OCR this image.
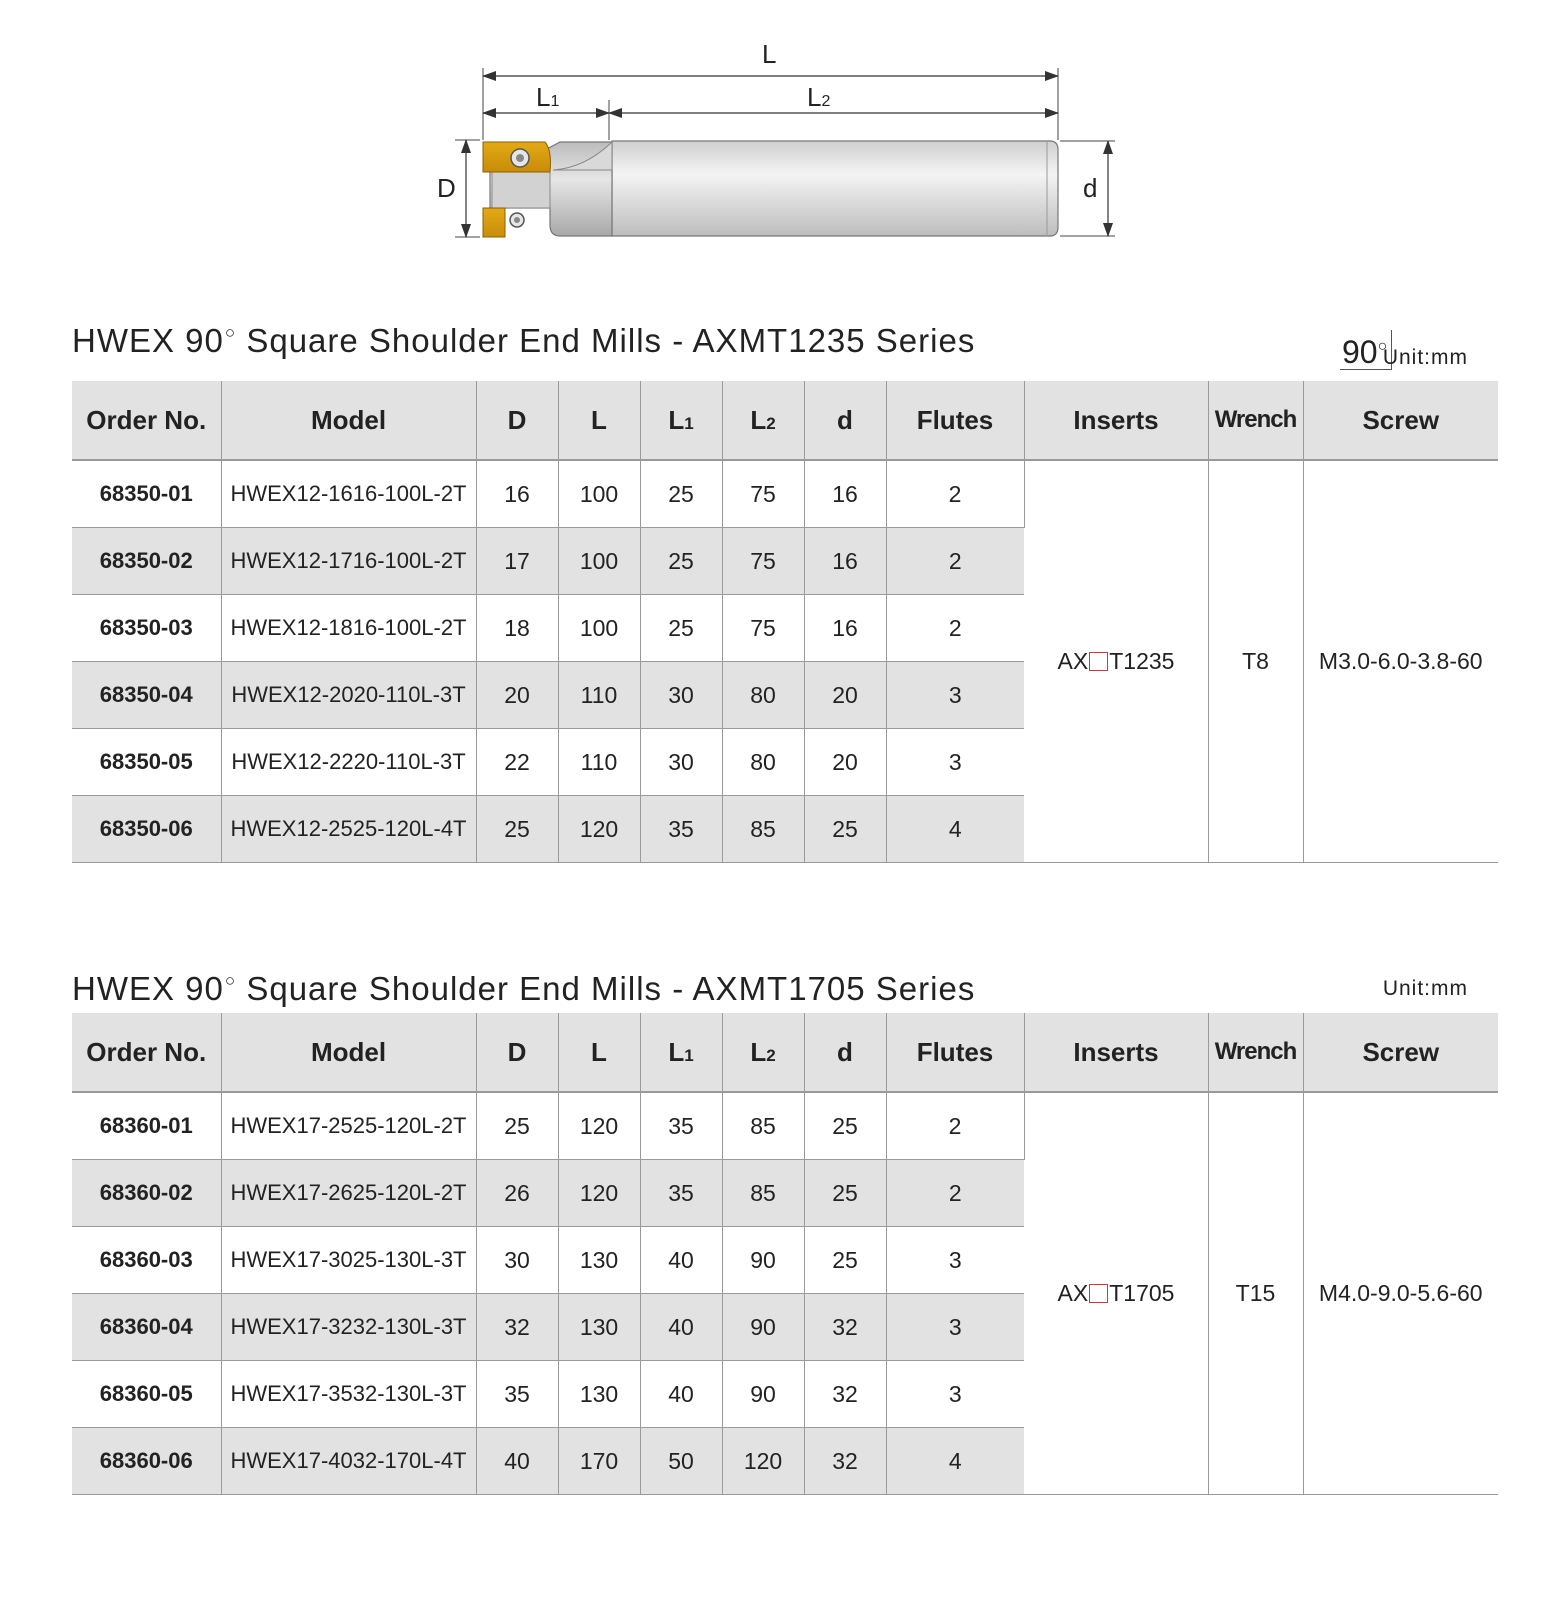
L
L1	L2
D	d
HWEX 90○ Square Shoulder End Mills - AXMT1235 Series	90○
Unit:mm
Order No.	Model	D	L	L1	L2	d	Flutes	Inserts	Wrench	Screw
68350-01	HWEX12-1616-100L-2T	16	100	25	75	16	2	AX T1235	T8	M3.0-6.0-3.8-60
68350-02	HWEX12-1716-100L-2T	17	100	25	75	16	2			
68350-03	HWEX12-1816-100L-2T	18	100	25	75	16	2			
68350-04	HWEX12-2020-110L-3T	20	110	30	80	20	3			
68350-05	HWEX12-2220-110L-3T	22	110	30	80	20	3			
68350-06	HWEX12-2525-120L-4T	25	120	35	85	25	4			
HWEX 90○ Square Shoulder End Mills - AXMT1705 Series	Unit:mm
Order No.	Model	D	L	L1	L2	d	Flutes	Inserts	Wrench	Screw
68360-01	HWEX17-2525-120L-2T	25	120	35	85	25	2	AX T1705	T15	M4.0-9.0-5.6-60
68360-02	HWEX17-2625-120L-2T	26	120	35	85	25	2			
68360-03	HWEX17-3025-130L-3T	30	130	40	90	25	3			
68360-04	HWEX17-3232-130L-3T	32	130	40	90	32	3			
68360-05	HWEX17-3532-130L-3T	35	130	40	90	32	3			
68360-06	HWEX17-4032-170L-4T	40	170	50	120	32	4			
